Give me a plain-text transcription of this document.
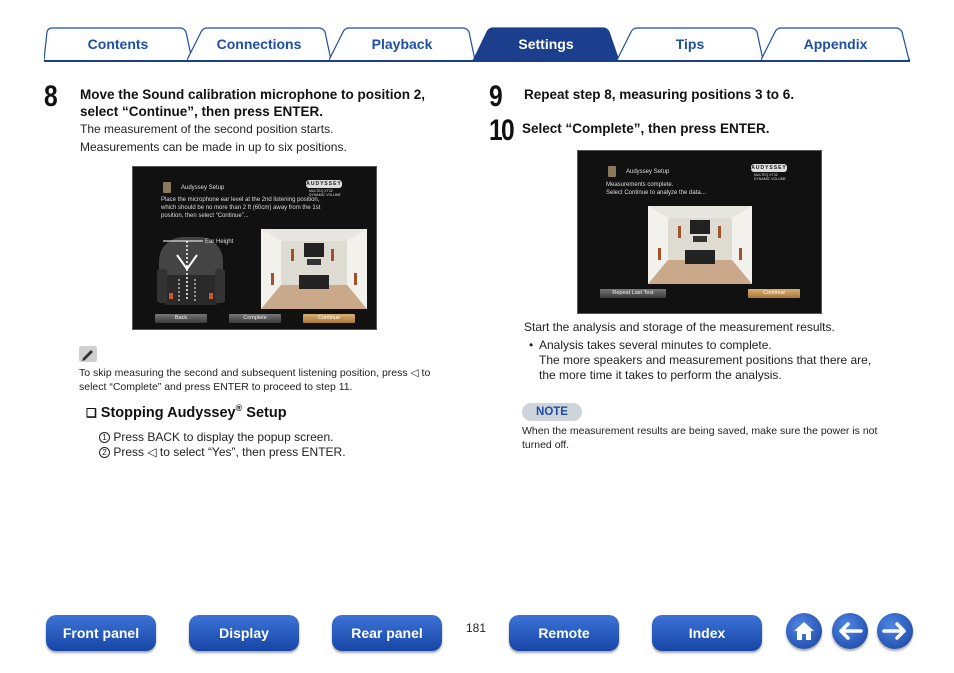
Contents	Connections	Playback	Settings	Tips	Appendix
8 Move the Sound calibration microphone to position 2,
select “Continue”, then press ENTER.
The measurement of the second position starts.
Measurements can be made in up to six positions.
Audyssey Setup
AUDYSSEY
MULTEQ XT32
DYNAMIC VOLUME
Place the microphone ear level at the 2nd listening position,
which should be no more than 2 ft (60cm) away from the 1st
position, then select “Continue”...
Ear Height
Back	Complete	Continue
To skip measuring the second and subsequent listening position, press ◁ to
select “Complete” and press ENTER to proceed to step 11.
❑ Stopping Audyssey® Setup
1 Press BACK to display the popup screen.
2 Press ◁ to select “Yes”, then press ENTER.
9 Repeat step 8, measuring positions 3 to 6.
10 Select “Complete”, then press ENTER.
Audyssey Setup
AUDYSSEY
MULTEQ XT32
DYNAMIC VOLUME
Measurements complete.
Select Continue to analyze the data...
Repeat Last Test	Continue
Start the analysis and storage of the measurement results.
• Analysis takes several minutes to complete.
The more speakers and measurement positions that there are,
the more time it takes to perform the analysis.
NOTE
When the measurement results are being saved, make sure the power is not
turned off.
Front panel	Display	Rear panel	181	Remote	Index
